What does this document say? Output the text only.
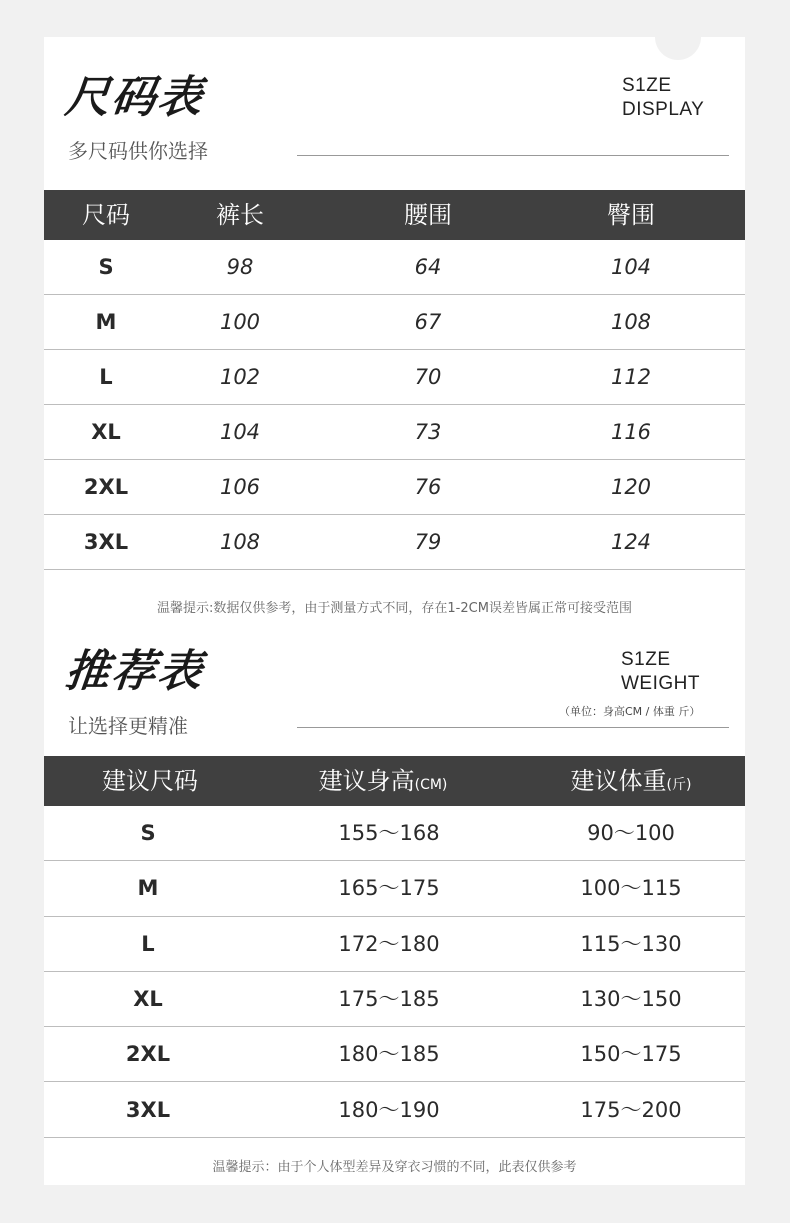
尺码表
多尺码供你选择
S1ZE
DISPLAY
尺码	裤长	腰围	臀围
S	98	64	104
M	100	67	108
L	102	70	112
XL	104	73	116
2XL	106	76	120
3XL	108	79	124
温馨提示:数据仅供参考，由于测量方式不同，存在1-2CM误差皆属正常可接受范围
推荐表
让选择更精准
S1ZE
WEIGHT
（单位：身高CM / 体重 斤）
建议尺码	建议身高(CM)	建议体重(斤)
S	155～168	90～100
M	165～175	100～115
L	172～180	115～130
XL	175～185	130～150
2XL	180～185	150～175
3XL	180～190	175～200
温馨提示：由于个人体型差异及穿衣习惯的不同，此表仅供参考
